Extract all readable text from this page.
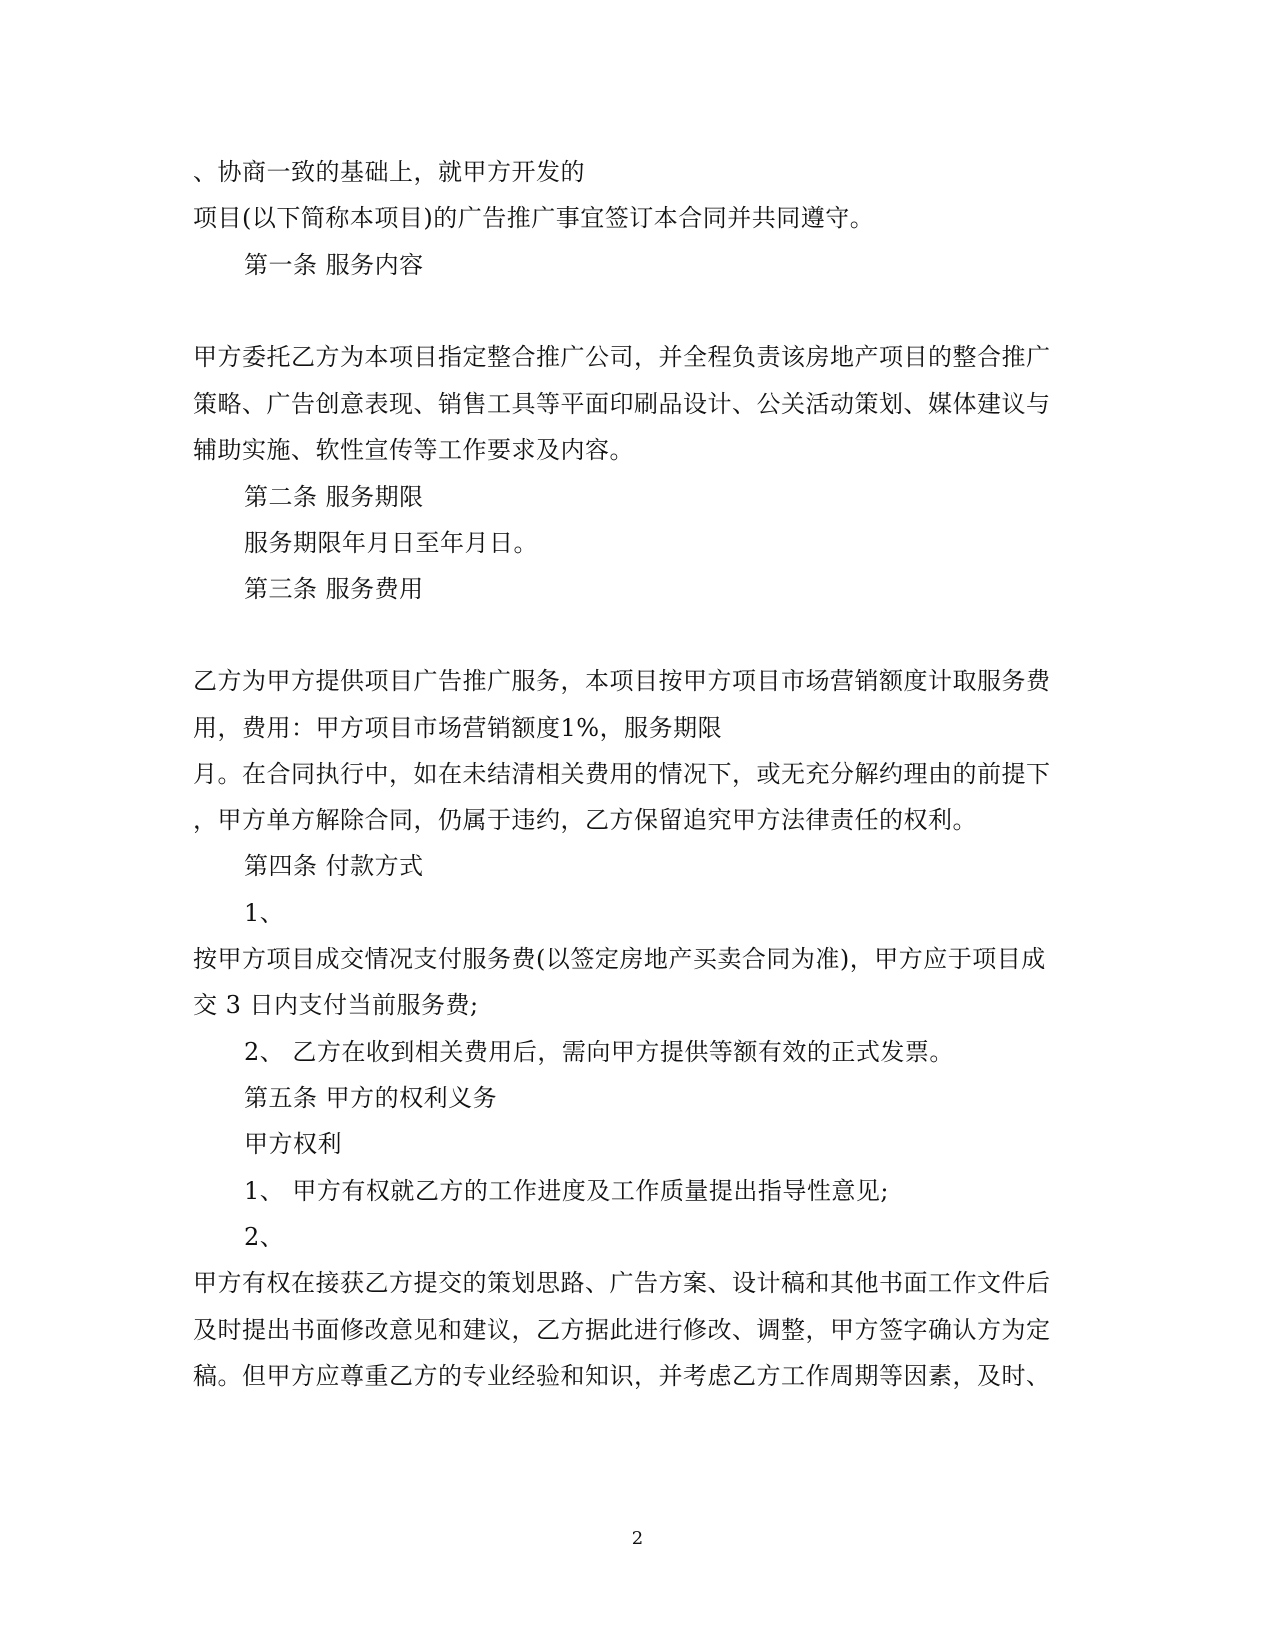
、协商一致的基础上，就甲方开发的
项目(以下简称本项目)的广告推广事宜签订本合同并共同遵守。
第一条 服务内容
甲方委托乙方为本项目指定整合推广公司，并全程负责该房地产项目的整合推广
策略、广告创意表现、销售工具等平面印刷品设计、公关活动策划、媒体建议与
辅助实施、软性宣传等工作要求及内容。
第二条 服务期限
服务期限年月日至年月日。
第三条 服务费用
乙方为甲方提供项目广告推广服务，本项目按甲方项目市场营销额度计取服务费
用，费用：甲方项目市场营销额度1%，服务期限
月。在合同执行中，如在未结清相关费用的情况下，或无充分解约理由的前提下
，甲方单方解除合同，仍属于违约，乙方保留追究甲方法律责任的权利。
第四条 付款方式
1、
按甲方项目成交情况支付服务费(以签定房地产买卖合同为准)，甲方应于项目成
交 3 日内支付当前服务费;
2、 乙方在收到相关费用后，需向甲方提供等额有效的正式发票。
第五条 甲方的权利义务
甲方权利
1、 甲方有权就乙方的工作进度及工作质量提出指导性意见;
2、
甲方有权在接获乙方提交的策划思路、广告方案、设计稿和其他书面工作文件后
及时提出书面修改意见和建议，乙方据此进行修改、调整，甲方签字确认方为定
稿。但甲方应尊重乙方的专业经验和知识，并考虑乙方工作周期等因素，及时、
2
